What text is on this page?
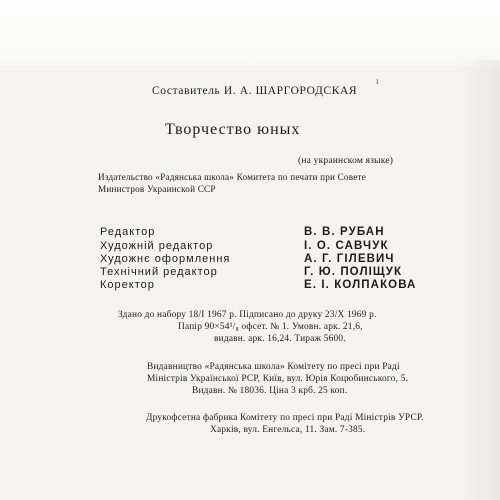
Составитель И. А. ШАРГОРОДСКАЯ
ɩ
Творчество юных
(на украинском языке)
Издательство «Радянська школа» Комитета по печати при Совете
Министров Украинской ССР
Редактор	В. В. РУБАН
Художній редактор	І. О. САВЧУК
Художнє оформлення	А. Г. ГІЛЕВИЧ
Технічний редактор	Г. Ю. ПОЛІЩУК
Коректор	Е. І. КОЛПАКОВА
Здано до набору 18/І 1967 р. Підписано до друку 23/Х 1969 р.
Папір 90×54¹/₈ офсет. № 1. Умовн. арк. 21,6,
видавн. арк. 16,24. Тираж 5600.
Видавництво «Радянська школа» Комітету по пресі при Раді
Міністрів Української РСР, Київ, вул. Юрія Коцюбинського, 5.
Видавн. № 18036. Ціна 3 крб. 25 коп.
Друкофсетна фабрика Комітету по пресі при Раді Міністрів УРСР.
Харків, вул. Енгельса, 11. Зам. 7-385.
